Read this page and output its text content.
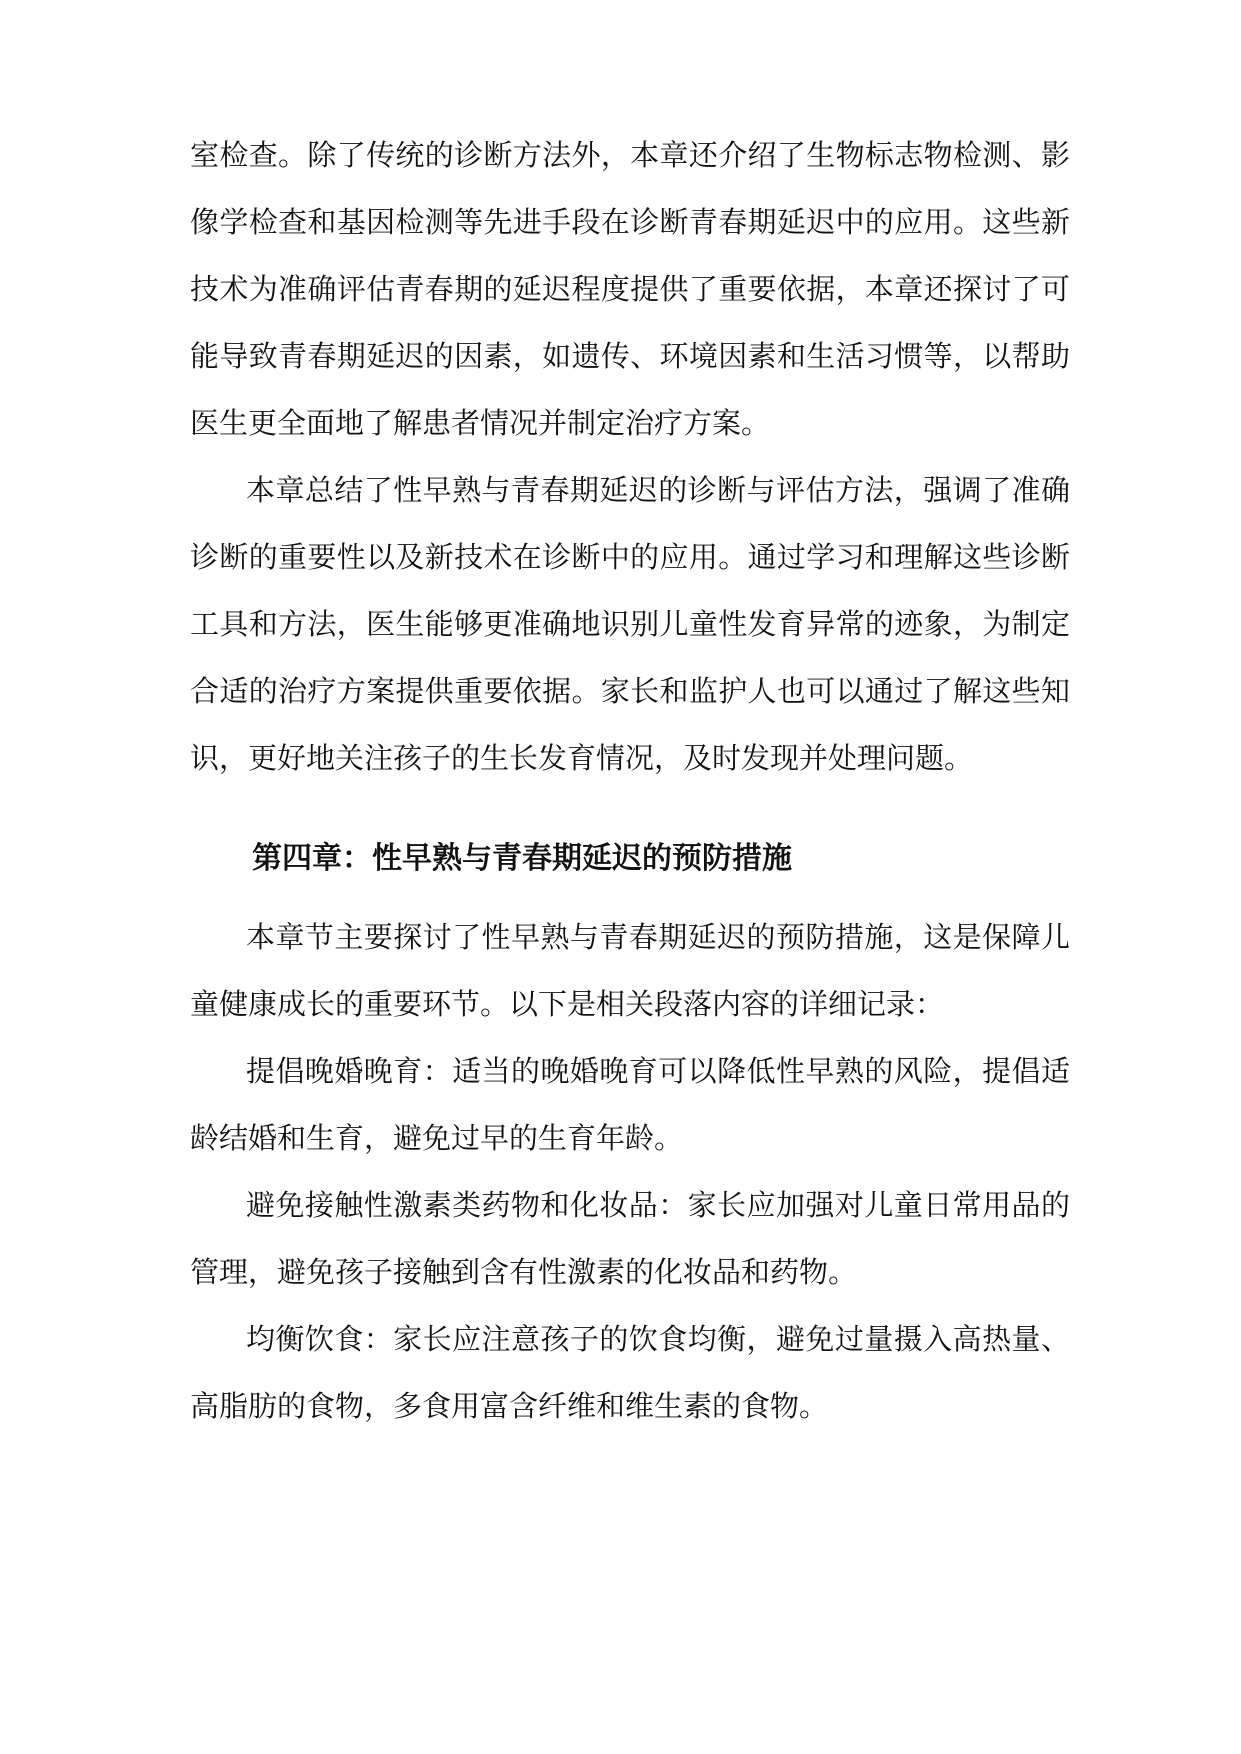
室检查。除了传统的诊断方法外，本章还介绍了生物标志物检测、影
像学检查和基因检测等先进手段在诊断青春期延迟中的应用。这些新
技术为准确评估青春期的延迟程度提供了重要依据，本章还探讨了可
能导致青春期延迟的因素，如遗传、环境因素和生活习惯等，以帮助
医生更全面地了解患者情况并制定治疗方案。
本章总结了性早熟与青春期延迟的诊断与评估方法，强调了准确
诊断的重要性以及新技术在诊断中的应用。通过学习和理解这些诊断
工具和方法，医生能够更准确地识别儿童性发育异常的迹象，为制定
合适的治疗方案提供重要依据。家长和监护人也可以通过了解这些知
识，更好地关注孩子的生长发育情况，及时发现并处理问题。
第四章：性早熟与青春期延迟的预防措施
本章节主要探讨了性早熟与青春期延迟的预防措施，这是保障儿
童健康成长的重要环节。以下是相关段落内容的详细记录：
提倡晚婚晚育：适当的晚婚晚育可以降低性早熟的风险，提倡适
龄结婚和生育，避免过早的生育年龄。
避免接触性激素类药物和化妆品：家长应加强对儿童日常用品的
管理，避免孩子接触到含有性激素的化妆品和药物。
均衡饮食：家长应注意孩子的饮食均衡，避免过量摄入高热量、
高脂肪的食物，多食用富含纤维和维生素的食物。
